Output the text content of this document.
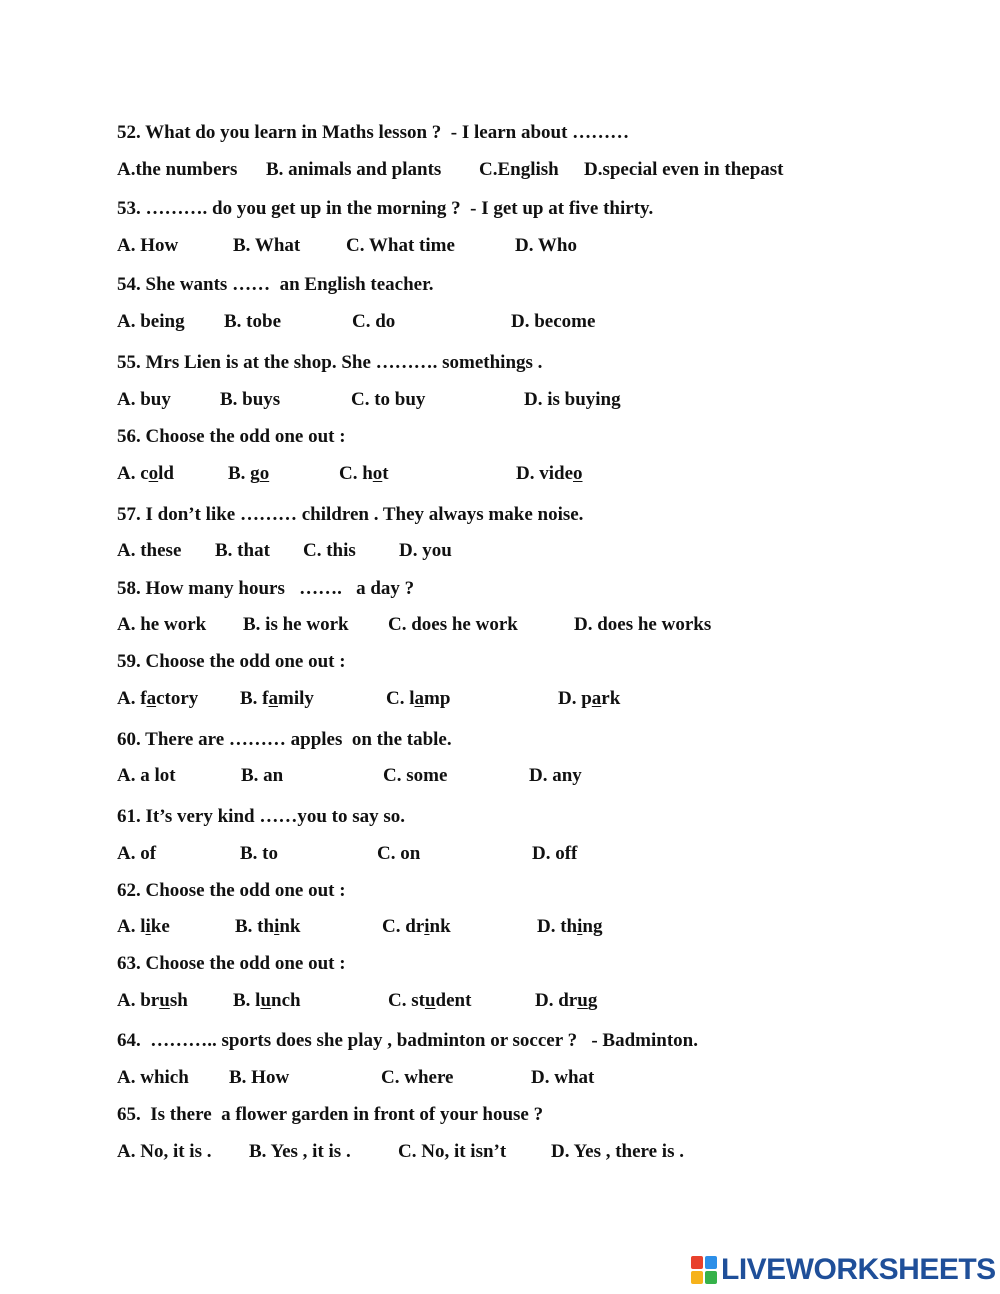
52. What do you learn in Maths lesson ?  - I learn about ………
A.the numbers B. animals and plants C.English D.special even in thepast
53. ………. do you get up in the morning ?  - I get up at five thirty.
A. How	B. What C. What time	D. Who
54. She wants ……  an English teacher.
A. being B. tobe	C. do	D. become
55. Mrs Lien is at the shop. She ………. somethings .
A. buy	B. buys	C. to buy	D. is buying
56. Choose the odd one out :
A. cold	B. go	C. hot	D. video
57. I don’t like ……… children . They always make noise.
A. these B. that C. this D. you
58. How many hours   …….   a day ?
A. he work B. is he work C. does he work	D. does he works
59. Choose the odd one out :
A. factory B. family	C. lamp	D. park
60. There are ……… apples  on the table.
A. a lot	B. an	C. some	D. any
61. It’s very kind ……you to say so.
A. of	B. to	C. on	D. off
62. Choose the odd one out :
A. like	B. think	C. drink	D. thing
63. Choose the odd one out :
A. brush B. lunch	C. student	D. drug
64.  ……….. sports does she play , badminton or soccer ?   - Badminton.
A. which B. How	C. where	D. what
65.  Is there  a flower garden in front of your house ?
A. No, it is . B. Yes , it is . C. No, it isn’t D. Yes , there is .
LIVEWORKSHEETS
